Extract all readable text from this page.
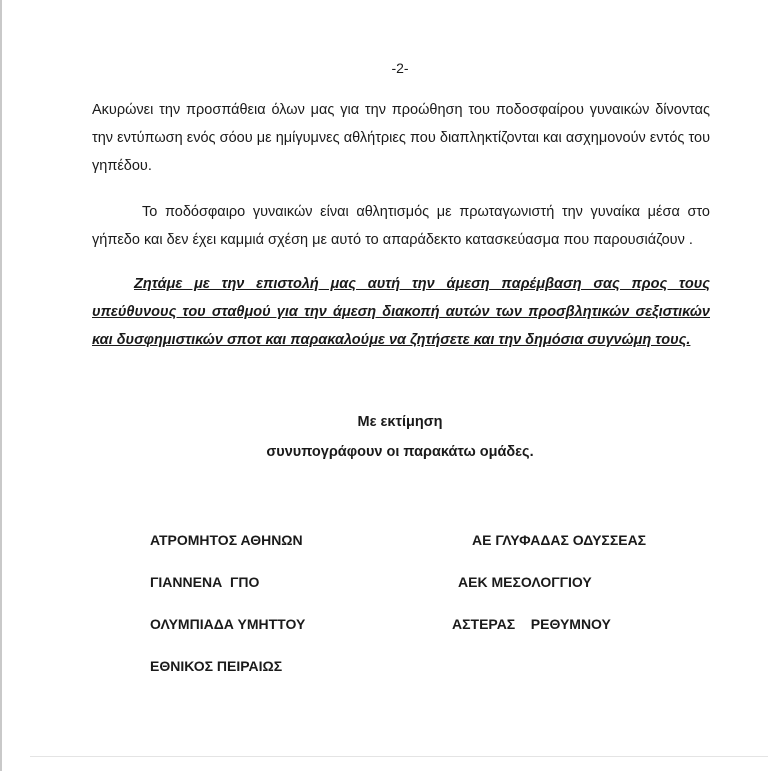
-2-

Ακυρώνει την προσπάθεια όλων μας για την προώθηση του ποδοσφαίρου γυναικών δίνοντας την εντύπωση ενός σόου με ημίγυμνες αθλήτριες που διαπληκτίζονται και ασχημονούν εντός του γηπέδου.

Το ποδόσφαιρο γυναικών είναι αθλητισμός με πρωταγωνιστή την γυναίκα μέσα στο γήπεδο και δεν έχει καμμιά σχέση με αυτό το απαράδεκτο κατασκεύασμα που παρουσιάζουν .

Ζητάμε με την επιστολή μας αυτή την άμεση παρέμβαση σας προς τους υπεύθυνους του σταθμού για την άμεση διακοπή αυτών των προσβλητικών σεξιστικών και δυσφημιστικών σποτ και παρακαλούμε να ζητήσετε και την δημόσια συγνώμη τους.

Με εκτίμηση
συνυπογράφουν οι παρακάτω ομάδες.
ΑΤΡΟΜΗΤΟΣ ΑΘΗΝΩΝ
ΓΙΑΝΝΕΝΑ  ΓΠΟ
ΟΛΥΜΠΙΑΔΑ ΥΜΗΤΤΟΥ
ΕΘΝΙΚΟΣ ΠΕΙΡΑΙΩΣ
ΑΕ ΓΛΥΦΑΔΑΣ ΟΔΥΣΣΕΑΣ
ΑΕΚ ΜΕΣΟΛΟΓΓΙΟΥ
ΑΣΤΕΡΑΣ    ΡΕΘΥΜΝΟΥ
